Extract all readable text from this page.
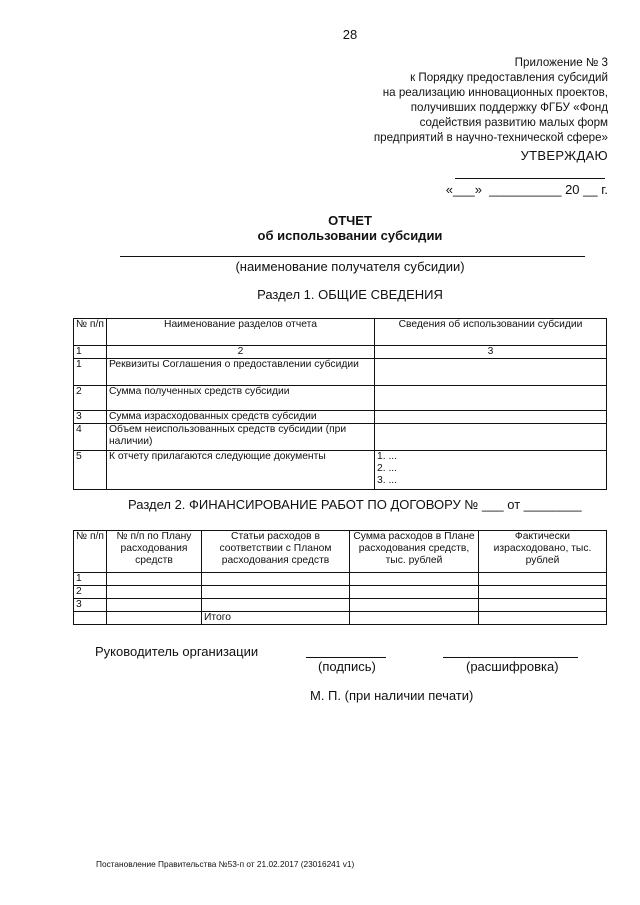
28
Приложение № 3
к Порядку предоставления субсидий
на реализацию инновационных проектов,
получивших поддержку ФГБУ «Фонд
содействия развитию малых форм
предприятий в научно-технической сфере»
УТВЕРЖДАЮ
«___»  __________ 20 __ г.
ОТЧЕТ
об использовании субсидии
(наименование получателя субсидии)
Раздел 1. ОБЩИЕ СВЕДЕНИЯ
№ п/п	Наименование разделов отчета	Сведения об использовании субсидии
1	2	3
1	Реквизиты Соглашения о предоставлении субсидии	
2	Сумма полученных средств субсидии	
3	Сумма израсходованных средств субсидии	
4	Объем неиспользованных средств субсидии (при наличии)	
5	К отчету прилагаются следующие документы	1. ...
2. ...
3. ...
Раздел 2. ФИНАНСИРОВАНИЕ РАБОТ ПО ДОГОВОРУ № ___ от ________
№ п/п	№ п/п по Плану расходования средств	Статьи расходов в соответствии с Планом расходования средств	Сумма расходов в Плане расходования средств, тыс. рублей	Фактически израсходовано, тыс. рублей
1				
2				
3				
		Итого		
Руководитель организации
(подпись)	(расшифровка)
М. П. (при наличии печати)
Постановление Правительства №53-п от 21.02.2017 (23016241 v1)
